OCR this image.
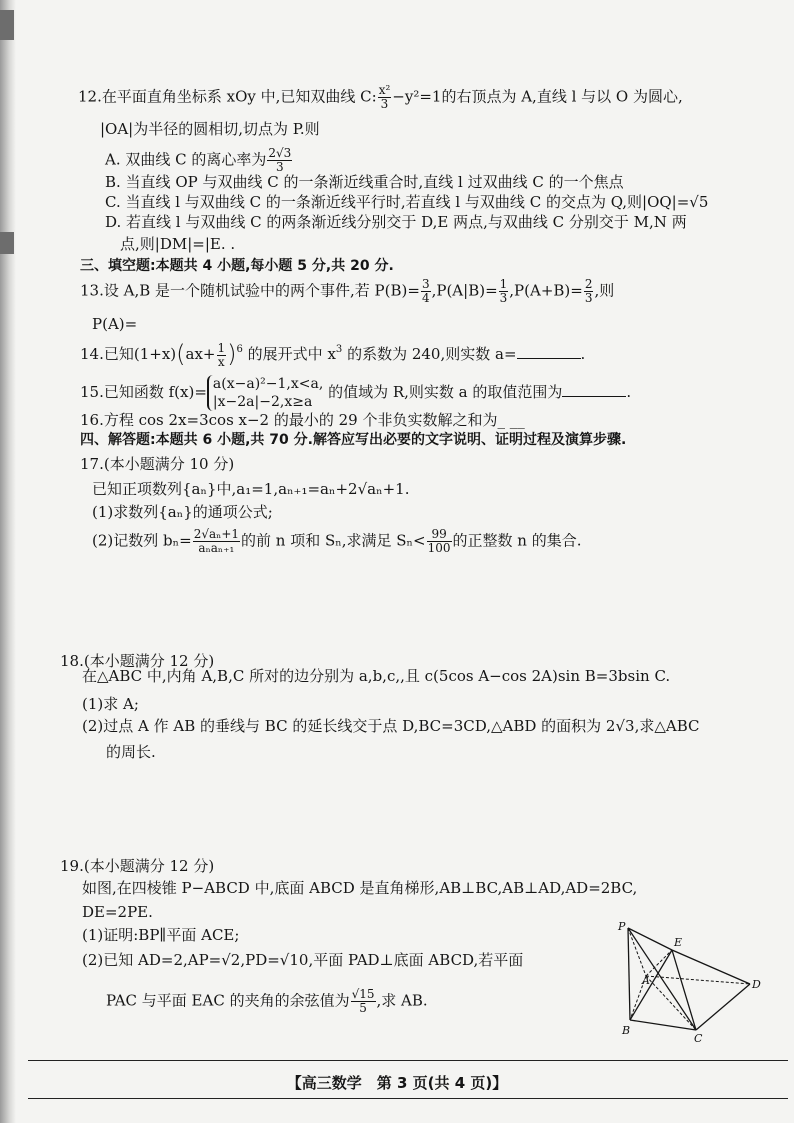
12.在平面直角坐标系 xOy 中,已知双曲线 C: $\frac{\text{x²}}{3} -y^2=1$的右顶点为 A,直线 l 与以 O 为圆心,
|OA|为半径的圆相切,切点为 P.则
A. 双曲线 C 的离心率为 $\frac{2√3}{3}$
B. 当直线 OP 与双曲线 C 的一条渐近线重合时,直线 l 过双曲线 C 的一个焦点
C. 当直线 l 与双曲线 C 的一条渐近线平行时,若直线 l 与双曲线 C 的交点为 Q,则|OQ|=√5
D. 若直线 l 与双曲线 C 的两条渐近线分别交于 D,E 两点,与双曲线 C 分别交于 M,N 两
点,则|DM|=|E. .
三、填空题:本题共 4 小题,每小题 5 分,共 20 分.
13.设 A,B 是一个随机试验中的两个事件,若 $P(B)= \frac{3}{4} ,P(A|B)= \frac{1}{3} ,P(A+B)= \frac{2}{3}$ ,则
P(A)=
14.已知$(1+x)(ax+ \frac{1}{x} )^6$ 的展开式中 $x^3$ 的系数为 240,则实数 a=	.
15.已知函数 f(x)= a(x−a)²−1,x<a,
|x−2a|−2,x≥a 的值域为 R,则实数 a 的取值范围为	.
16.方程 cos 2x=3cos x−2 的最小的 29 个非负实数解之和为_ __
四、解答题:本题共 6 小题,共 70 分.解答应写出必要的文字说明、证明过程及演算步骤.
17.(本小题满分 10 分)
已知正项数列{aₙ}中,a₁=1,aₙ₊₁=aₙ+2√aₙ+1.
(1)求数列{aₙ}的通项公式;
(2)记数列 $b_n= \frac{\text{2√aₙ+1}}{\text{aₙaₙ₊₁}}$ 的前 n 项和 Sₙ,求满足 $S_n< \frac{99}{100}$ 的正整数 n 的集合.
18.(本小题满分 12 分)
在△ABC 中,内角 A,B,C 所对的边分别为 a,b,c,,且 c(5cos A−cos 2A)sin B=3bsin C.
(1)求 A;
(2)过点 A 作 AB 的垂线与 BC 的延长线交于点 D,BC=3CD,△ABD 的面积为 2√3,求△ABC
的周长.
19.(本小题满分 12 分)
如图,在四棱锥 P−ABCD 中,底面 ABCD 是直角梯形,AB⊥BC,AB⊥AD,AD=2BC,
DE=2PE.
(1)证明:BP∥平面 ACE;
(2)已知 AD=2,AP=√2,PD=√10,平面 PAD⊥底面 ABCD,若平面
PAC 与平面 EAC 的夹角的余弦值为 $\frac{√15}{5}$ ,求 AB.
P
E
A	D
B
C
【高三数学　第 3 页(共 4 页)】
